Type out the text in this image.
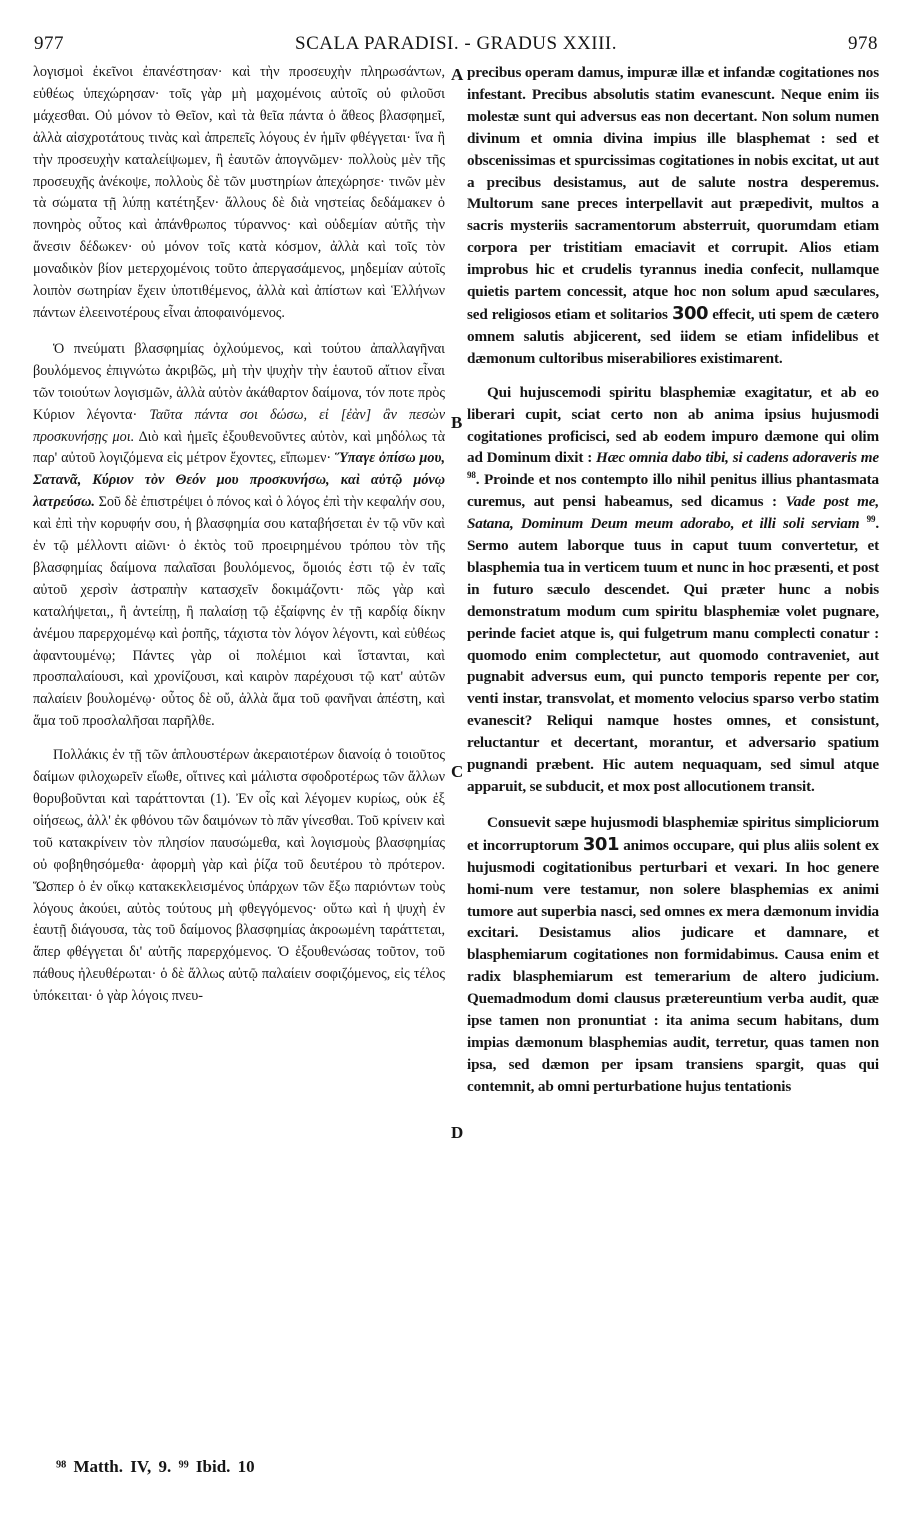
977	SCALA PARADISI. - GRADUS XXIII.	978

λογισμοὶ ἐκεῖνοι ἐπανέστησαν· καὶ τὴν προσευχὴν πληρωσάντων, εὐθέως ὑπεχώρησαν· τοῖς γὰρ μὴ μαχομένοις αὐτοῖς οὐ φιλοῦσι μάχεσθαι. Οὐ μόνον τὸ Θεῖον, καὶ τὰ θεῖα πάντα ὁ ἄθεος βλασφημεῖ, ἀλλὰ αἰσχροτάτους τινὰς καὶ ἀπρεπεῖς λόγους ἐν ἡμῖν φθέγγεται· ἵνα ἢ τὴν προσευχὴν καταλείψωμεν, ἢ ἑαυτῶν ἀπογνῶμεν· πολλοὺς μὲν τῆς προσευχῆς ἀνέκοψε, πολλοὺς δὲ τῶν μυστηρίων ἀπεχώρησε· τινῶν μὲν τὰ σώματα τῇ λύπῃ κατέτηξεν· ἄλλους δὲ διὰ νηστείας δεδάμακεν ὁ πονηρὸς οὗτος καὶ ἀπάνθρωπος τύραννος· καὶ οὐδεμίαν αὐτῆς τὴν ἄνεσιν δέδωκεν· οὐ μόνον τοῖς κατὰ κόσμον, ἀλλὰ καὶ τοῖς τὸν μοναδικὸν βίον μετερχομένοις τοῦτο ἀπεργασάμενος, μηδεμίαν αὐτοῖς λοιπὸν σωτηρίαν ἔχειν ὑποτιθέμενος, ἀλλὰ καὶ ἀπίστων καὶ Ἑλλήνων πάντων ἐλεεινοτέρους εἶναι ἀποφαινόμενος.

Ὁ πνεύματι βλασφημίας ὀχλούμενος, καὶ τούτου ἀπαλλαγῆναι βουλόμενος ἐπιγνώτω ἀκριβῶς, μὴ τὴν ψυχὴν τὴν ἑαυτοῦ αἴτιον εἶναι τῶν τοιούτων λογισμῶν, ἀλλὰ αὐτὸν ἀκάθαρτον δαίμονα, τόν ποτε πρὸς Κύριον λέγοντα· Ταῦτα πάντα σοι δώσω, εἰ [ἐὰν] ἂν πεσὼν προσκυνήσῃς μοι. Διὸ καὶ ἡμεῖς ἐξουθενοῦντες αὐτὸν, καὶ μηδόλως τὰ παρ' αὐτοῦ λογιζόμενα εἰς μέτρον ἔχοντες, εἴπωμεν· Ὕπαγε ὀπίσω μου, Σατανᾶ, Κύριον τὸν Θεόν μου προσκυνήσω, καὶ αὐτῷ μόνῳ λατρεύσω. Σοῦ δὲ ἐπιστρέψει ὁ πόνος καὶ ὁ λόγος ἐπὶ τὴν κεφαλήν σου, καὶ ἐπὶ τὴν κορυφήν σου, ἡ βλασφημία σου καταβήσεται ἐν τῷ νῦν καὶ ἐν τῷ μέλλοντι αἰῶνι· ὁ ἐκτὸς τοῦ προειρημένου τρόπου τὸν τῆς βλασφημίας δαίμονα παλαῖσαι βουλόμενος, ὅμοιός ἐστι τῷ ἐν ταῖς αὐτοῦ χερσὶν ἀστραπὴν κατασχεῖν δοκιμάζοντι· πῶς γὰρ καὶ καταλήψεται,, ἢ ἀντείπῃ, ἢ παλαίσῃ τῷ ἐξαίφνης ἐν τῇ καρδίᾳ δίκην ἀνέμου παρερχομένῳ καὶ ῥοπῆς, τάχιστα τὸν λόγον λέγοντι, καὶ εὐθέως ἀφαντουμένῳ; Πάντες γὰρ οἱ πολέμιοι καὶ ἵστανται, καὶ προσπαλαίουσι, καὶ χρονίζουσι, καὶ καιρὸν παρέχουσι τῷ κατ' αὐτῶν παλαίειν βουλομένῳ· οὗτος δὲ οὔ, ἀλλὰ ἅμα τοῦ φανῆναι ἀπέστη, καὶ ἅμα τοῦ προσλαλῆσαι παρῆλθε.

Πολλάκις ἐν τῇ τῶν ἁπλουστέρων ἀκεραιοτέρων διανοίᾳ ὁ τοιοῦτος δαίμων φιλοχωρεῖν εἴωθε, οἵτινες καὶ μάλιστα σφοδροτέρως τῶν ἄλλων θορυβοῦνται καὶ ταράττονται (1). Ἐν οἷς καὶ λέγομεν κυρίως, οὐκ ἐξ οἰήσεως, ἀλλ' ἐκ φθόνου τῶν δαιμόνων τὸ πᾶν γίνεσθαι. Τοῦ κρίνειν καὶ τοῦ κατακρίνειν τὸν πλησίον παυσώμεθα, καὶ λογισμοὺς βλασφημίας οὐ φοβηθησόμεθα· ἀφορμὴ γὰρ καὶ ῥίζα τοῦ δευτέρου τὸ πρότερον. Ὥσπερ ὁ ἐν οἴκῳ κατακεκλεισμένος ὑπάρχων τῶν ἔξω παριόντων τοὺς λόγους ἀκούει, αὐτὸς τούτους μὴ φθεγγόμενος· οὕτω καὶ ἡ ψυχὴ ἐν ἑαυτῇ διάγουσα, τὰς τοῦ δαίμονος βλασφημίας ἀκροωμένη ταράττεται, ἅπερ φθέγγεται δι' αὐτῆς παρερχόμενος. Ὁ ἐξουθενώσας τοῦτον, τοῦ πάθους ἠλευθέρωται· ὁ δὲ ἄλλως αὐτῷ παλαίειν σοφιζόμενος, εἰς τέλος ὑπόκειται· ὁ γὰρ λόγοις πνευ-

A
B
C
D

precibus operam damus, impuræ illæ et infandæ cogitationes nos infestant. Precibus absolutis statim evanescunt. Neque enim iis molestæ sunt qui adversus eas non decertant. Non solum numen divinum et omnia divina impius ille blasphemat : sed et obscenissimas et spurcissimas cogitationes in nobis excitat, ut aut a precibus desistamus, aut de salute nostra desperemus. Multorum sane preces interpellavit aut præpedivit, multos a sacris mysteriis sacramentorum absterruit, quorumdam etiam corpora per tristitiam emaciavit et corrupit. Alios etiam improbus hic et crudelis tyrannus inedia confecit, nullamque quietis partem concessit, atque hoc non solum apud sæculares, sed religiosos etiam et solitarios 300 effecit, uti spem de cætero omnem salutis abjicerent, sed iidem se etiam infidelibus et dæmonum cultoribus miserabiliores existimarent.

Qui hujuscemodi spiritu blasphemiæ exagitatur, et ab eo liberari cupit, sciat certo non ab anima ipsius hujusmodi cogitationes proficisci, sed ab eodem impuro dæmone qui olim ad Dominum dixit : Hæc omnia dabo tibi, si cadens adoraveris me $^{98}$. Proinde et nos contempto illo nihil penitus illius phantasmata curemus, aut pensi habeamus, sed dicamus : Vade post me, Satana, Dominum Deum meum adorabo, et illi soli serviam $^{99}$. Sermo autem laborque tuus in caput tuum convertetur, et blasphemia tua in verticem tuum et nunc in hoc præsenti, et post in futuro sæculo descendet. Qui præter hunc a nobis demonstratum modum cum spiritu blasphemiæ volet pugnare, perinde faciet atque is, qui fulgetrum manu complecti conatur : quomodo enim complectetur, aut quomodo contraveniet, aut pugnabit adversus eum, qui puncto temporis repente per cor, venti instar, transvolat, et momento velocius sparso verbo statim evanescit? Reliqui namque hostes omnes, et consistunt, reluctantur et decertant, morantur, et adversario spatium pugnandi præbent. Hic autem nequaquam, sed simul atque apparuit, se subducit, et mox post allocutionem transit.

Consuevit sæpe hujusmodi blasphemiæ spiritus simpliciorum et incorruptorum 301 animos occupare, qui plus aliis solent ex hujusmodi cogitationibus perturbari et vexari. In hoc genere homi-num vere testamur, non solere blasphemias ex animi tumore aut superbia nasci, sed omnes ex mera dæmonum invidia excitari. Desistamus alios judicare et damnare, et blasphemiarum cogitationes non formidabimus. Causa enim et radix blasphemiarum est temerarium de altero judicium. Quemadmodum domi clausus prætereuntium verba audit, quæ ipse tamen non pronuntiat : ita anima secum habitans, dum impias dæmonum blasphemias audit, terretur, quas tamen non ipsa, sed dæmon per ipsam transiens spargit, quas qui contemnit, ab omni perturbatione hujus tentationis

⁹⁸ Matth. IV, 9. ⁹⁹ Ibid. 10
